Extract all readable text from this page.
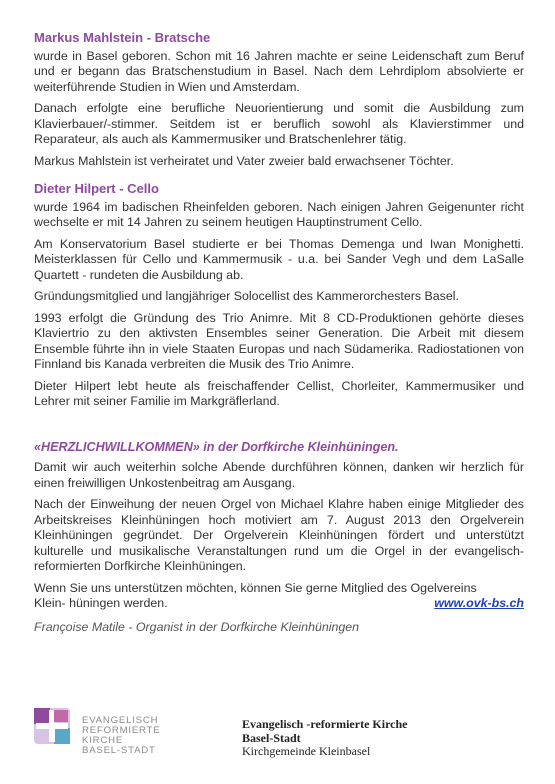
Markus Mahlstein - Bratsche

wurde in Basel geboren. Schon mit 16 Jahren machte er seine Leidenschaft zum Beruf und er begann das Bratschenstudium in Basel. Nach dem Lehrdiplom absolvierte er weiterführende Studien in Wien und Amsterdam.

Danach erfolgte eine berufliche Neuorientierung und somit die Ausbildung zum Klavierbauer/-stimmer. Seitdem ist er beruflich sowohl als Klavierstimmer und Reparateur, als auch als Kammermusiker und Bratschenlehrer tätig.

Markus Mahlstein ist verheiratet und Vater zweier bald erwachsener Töchter.

Dieter Hilpert - Cello

wurde 1964 im badischen Rheinfelden geboren. Nach einigen Jahren Geigenunter richt wechselte er mit 14 Jahren zu seinem heutigen Hauptinstrument Cello.

Am Konservatorium Basel studierte er bei Thomas Demenga und Iwan Monighetti. Meisterklassen für Cello und Kammermusik - u.a. bei Sander Vegh und dem LaSalle Quartett - rundeten die Ausbildung ab.

Gründungsmitglied und langjähriger Solocellist des Kammerorchesters Basel.

1993 erfolgt die Gründung des Trio Animre. Mit 8 CD-Produktionen gehörte dieses Klaviertrio zu den aktivsten Ensembles seiner Generation. Die Arbeit mit diesem Ensemble führte ihn in viele Staaten Europas und nach Südamerika. Radiostationen von Finnland bis Kanada verbreiten die Musik des Trio Animre.

Dieter Hilpert lebt heute als freischaffender Cellist, Chorleiter, Kammermusiker und Lehrer mit seiner Familie im Markgräflerland.

«HERZLICHWILLKOMMEN» in der Dorfkirche Kleinhüningen.

Damit wir auch weiterhin solche Abende durchführen können, danken wir herzlich für einen freiwilligen Unkostenbeitrag am Ausgang.

Nach der Einweihung der neuen Orgel von Michael Klahre haben einige Mitglieder des Arbeitskreises Kleinhüningen hoch motiviert am 7. August 2013 den Orgelverein Kleinhüningen gegründet. Der Orgelverein Kleinhüningen fördert und unterstützt kulturelle und musikalische Veranstaltungen rund um die Orgel in der evangelisch-reformierten Dorfkirche Kleinhüningen.

Wenn Sie uns unterstützen möchten, können Sie gerne Mitglied des Ogelvereins
Klein- hüningen werden.	www.ovk-bs.ch
Françoise Matile - Organist in der Dorfkirche Kleinhüningen
EVANGELISCH
REFORMIERTE
KIRCHE
BASEL-STADT
Evangelisch -reformierte Kirche
Basel-Stadt
Kirchgemeinde Kleinbasel
